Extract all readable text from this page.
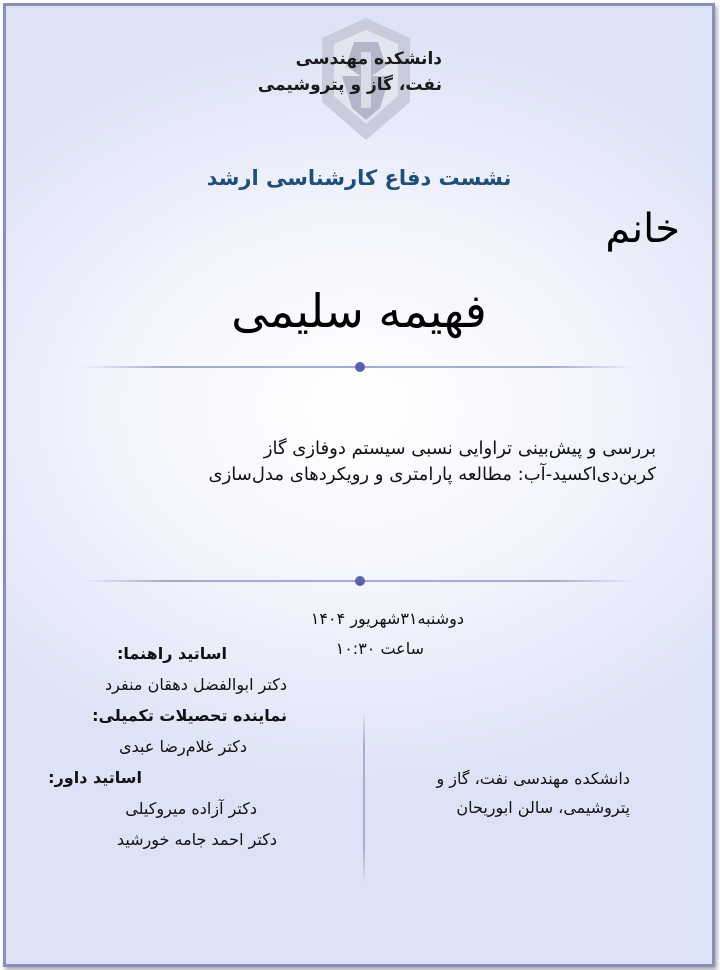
دانشکده مهندسی
نفت، گاز و پتروشیمی
نشست دفاع کارشناسی ارشد
خانم
فهیمه سلیمی
بررسی و پیش‌بینی تراوایی نسبی سیستم دوفازی گاز
کربن‌دی‌اکسید-آب: مطالعه پارامتری و رویکردهای مدل‌سازی
دوشنبه۳۱شهریور ۱۴۰۴
ساعت ۱۰:۳۰
اساتید راهنما:
دکتر ابوالفضل دهقان منفرد
نماینده تحصیلات تکمیلی:
دکتر غلام‌رضا عبدی
اساتید داور:
دکتر آزاده میروکیلی
دکتر احمد جامه خورشید
دانشکده مهندسی نفت، گاز و
پتروشیمی، سالن ابوریحان
